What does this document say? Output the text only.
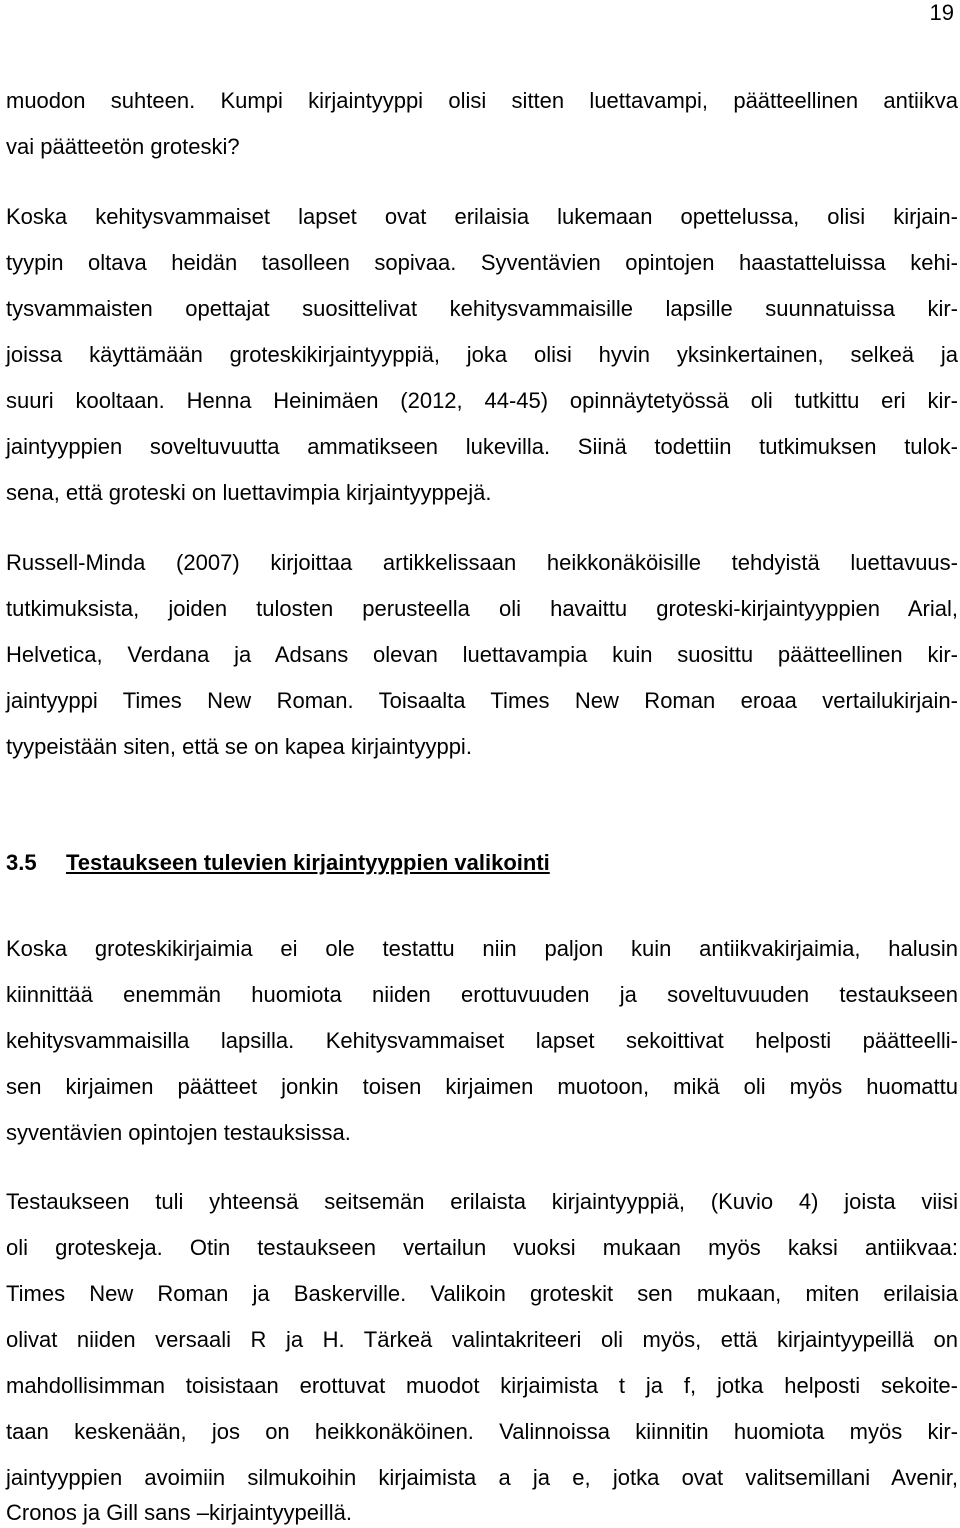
19
muodon suhteen. Kumpi kirjaintyyppi olisi sitten luettavampi, päätteellinen antiikva
vai päätteetön groteski?
Koska kehitysvammaiset lapset ovat erilaisia lukemaan opettelussa, olisi kirjain-
tyypin oltava heidän tasolleen sopivaa. Syventävien opintojen haastatteluissa kehi-
tysvammaisten opettajat suosittelivat kehitysvammaisille lapsille suunnatuissa kir-
joissa käyttämään groteskikirjaintyyppiä, joka olisi hyvin yksinkertainen, selkeä ja
suuri kooltaan. Henna Heinimäen (2012, 44-45) opinnäytetyössä oli tutkittu eri kir-
jaintyyppien soveltuvuutta ammatikseen lukevilla. Siinä todettiin tutkimuksen tulok-
sena, että groteski on luettavimpia kirjaintyyppejä.
Russell-Minda (2007) kirjoittaa artikkelissaan heikkonäköisille tehdyistä luettavuus-
tutkimuksista, joiden tulosten perusteella oli havaittu groteski-kirjaintyyppien Arial,
Helvetica, Verdana ja Adsans olevan luettavampia kuin suosittu päätteellinen kir-
jaintyyppi Times New Roman. Toisaalta Times New Roman eroaa vertailukirjain-
tyypeistään siten, että se on kapea kirjaintyyppi.
3.5 Testaukseen tulevien kirjaintyyppien valikointi
Koska groteskikirjaimia ei ole testattu niin paljon kuin antiikvakirjaimia, halusin
kiinnittää enemmän huomiota niiden erottuvuuden ja soveltuvuuden testaukseen
kehitysvammaisilla lapsilla. Kehitysvammaiset lapset sekoittivat helposti päätteelli-
sen kirjaimen päätteet jonkin toisen kirjaimen muotoon, mikä oli myös huomattu
syventävien opintojen testauksissa.
Testaukseen tuli yhteensä seitsemän erilaista kirjaintyyppiä, (Kuvio 4) joista viisi
oli groteskeja. Otin testaukseen vertailun vuoksi mukaan myös kaksi antiikvaa:
Times New Roman ja Baskerville. Valikoin groteskit sen mukaan, miten erilaisia
olivat niiden versaali R ja H. Tärkeä valintakriteeri oli myös, että kirjaintyypeillä on
mahdollisimman toisistaan erottuvat muodot kirjaimista t ja f, jotka helposti sekoite-
taan keskenään, jos on heikkonäköinen. Valinnoissa kiinnitin huomiota myös kir-
jaintyyppien avoimiin silmukoihin kirjaimista a ja e, jotka ovat valitsemillani Avenir,
Cronos ja Gill sans –kirjaintyypeillä.
